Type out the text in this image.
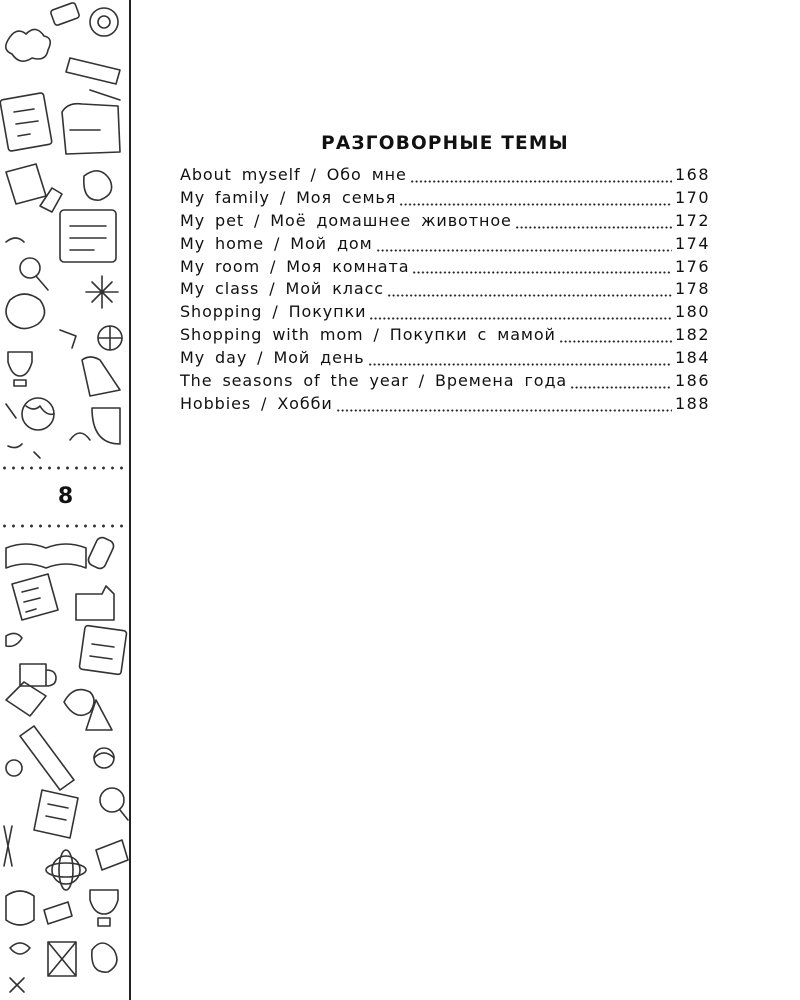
8
РАЗГОВОРНЫЕ ТЕМЫ
About myself / Обо мне	168
My family / Моя семья	170
My pet / Моё домашнее животное	172
My home / Мой дом	174
My room / Моя комната	176
My class / Мой класс	178
Shopping / Покупки	180
Shopping with mom / Покупки с мамой	182
My day / Мой день	184
The seasons of the year / Времена года	186
Hobbies / Хобби	188
